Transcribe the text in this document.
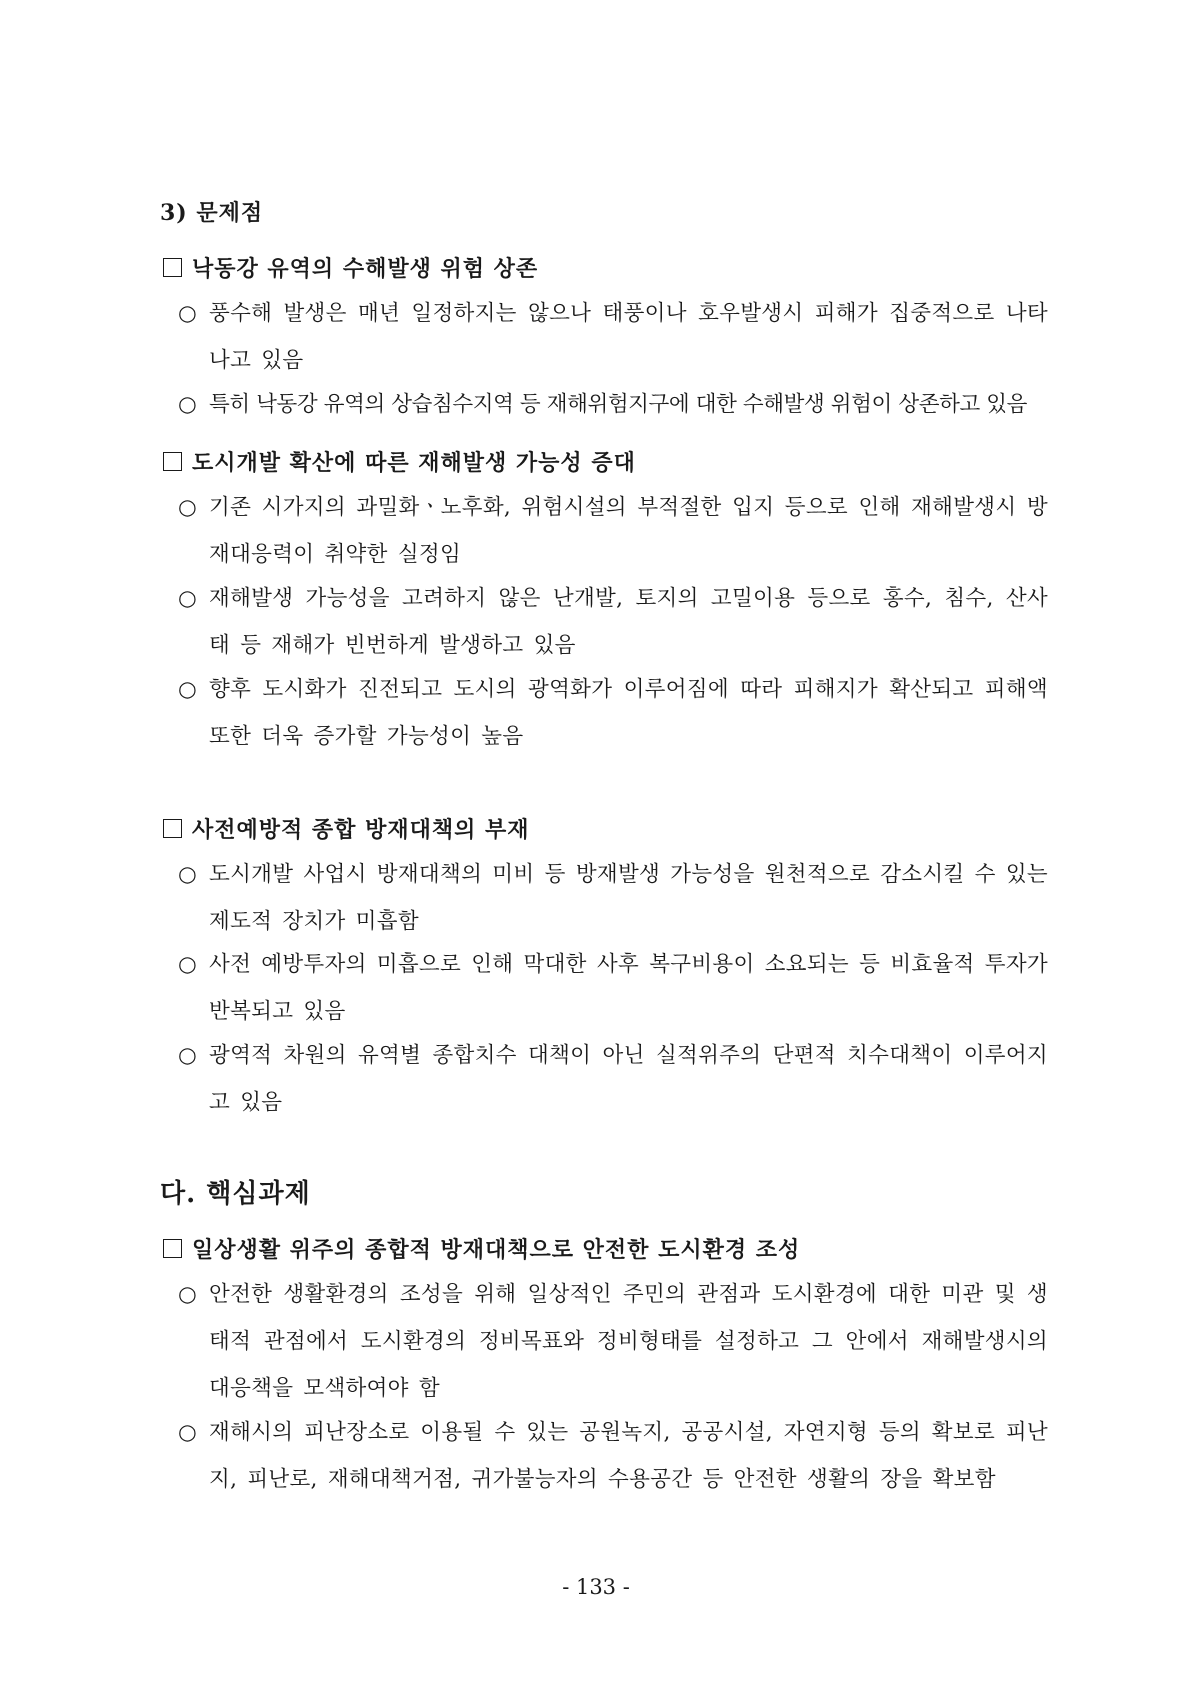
3) 문제점
낙동강 유역의 수해발생 위험 상존
○ 풍수해 발생은 매년 일정하지는 않으나 태풍이나 호우발생시 피해가 집중적으로 나타나고 있음
○ 특히 낙동강 유역의 상습침수지역 등 재해위험지구에 대한 수해발생 위험이 상존하고 있음
도시개발 확산에 따른 재해발생 가능성 증대
○ 기존 시가지의 과밀화ㆍ노후화, 위험시설의 부적절한 입지 등으로 인해 재해발생시 방재대응력이 취약한 실정임
○ 재해발생 가능성을 고려하지 않은 난개발, 토지의 고밀이용 등으로 홍수, 침수, 산사태 등 재해가 빈번하게 발생하고 있음
○ 향후 도시화가 진전되고 도시의 광역화가 이루어짐에 따라 피해지가 확산되고 피해액 또한 더욱 증가할 가능성이 높음
사전예방적 종합 방재대책의 부재
○ 도시개발 사업시 방재대책의 미비 등 방재발생 가능성을 원천적으로 감소시킬 수 있는 제도적 장치가 미흡함
○ 사전 예방투자의 미흡으로 인해 막대한 사후 복구비용이 소요되는 등 비효율적 투자가 반복되고 있음
○ 광역적 차원의 유역별 종합치수 대책이 아닌 실적위주의 단편적 치수대책이 이루어지고 있음
다. 핵심과제
일상생활 위주의 종합적 방재대책으로 안전한 도시환경 조성
○ 안전한 생활환경의 조성을 위해 일상적인 주민의 관점과 도시환경에 대한 미관 및 생태적 관점에서 도시환경의 정비목표와 정비형태를 설정하고 그 안에서 재해발생시의 대응책을 모색하여야 함
○ 재해시의 피난장소로 이용될 수 있는 공원녹지, 공공시설, 자연지형 등의 확보로 피난지, 피난로, 재해대책거점, 귀가불능자의 수용공간 등 안전한 생활의 장을 확보함
- 133 -
